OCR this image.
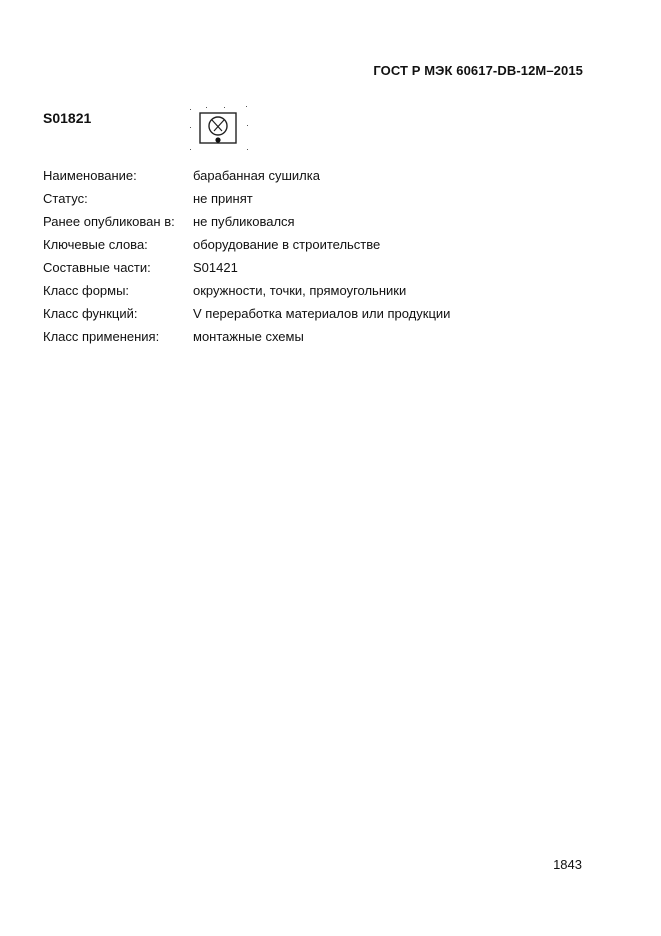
ГОСТ Р МЭК 60617-DB-12M–2015
S01821
Наименование:	барабанная сушилка
Статус:	не принят
Ранее опубликован в:	не публиковался
Ключевые слова:	оборудование в строительстве
Составные части:	S01421
Класс формы:	окружности, точки, прямоугольники
Класс функций:	V переработка материалов или продукции
Класс применения:	монтажные схемы
1843
